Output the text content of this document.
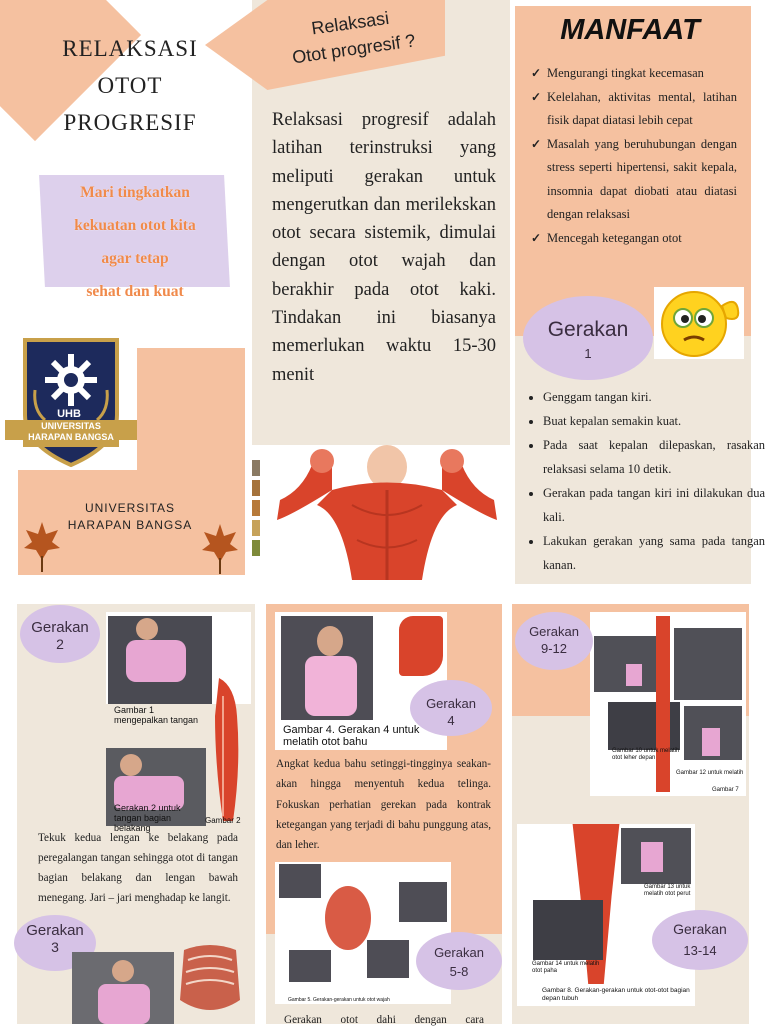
RELAKSASI
OTOT
PROGRESIF
Mari tingkatkan
kekuatan otot kita
agar tetap
sehat dan kuat
UHB
UNIVERSITAS
HARAPAN BANGSA
UNIVERSITAS
HARAPAN BANGSA
Relaksasi
Otot progresif ?
Relaksasi progresif adalah latihan terinstruksi yang meliputi gerakan untuk mengerutkan dan merilekskan otot secara sistemik, dimulai dengan otot wajah dan berakhir pada otot kaki. Tindakan ini biasanya memerlukan waktu 15-30 menit
MANFAAT
✓ Mengurangi tingkat kecemasan
✓ Kelelahan, aktivitas mental, latihan fisik dapat diatasi lebih cepat
✓ Masalah yang beruhubungan dengan stress seperti hipertensi, sakit kepala, insomnia dapat diobati atau diatasi dengan relaksasi
✓ Mencegah ketegangan otot
Gerakan
1
• Genggam tangan kiri.
• Buat kepalan semakin kuat.
• Pada saat kepalan dilepaskan, rasakan relaksasi selama 10 detik.
• Gerakan pada tangan kiri ini dilakukan dua kali.
• Lakukan gerakan yang sama pada tangan kanan.
Gerakan
2
Gambar 1 mengepalkan tangan
Gerakan 2 untuk tangan bagian belakang
Gambar 2
Tekuk kedua lengan ke belakang pada peregalangan tangan sehingga otot di tangan bagian belakang dan lengan bawah menegang. Jari – jari menghadap ke langit.
Gerakan
3
Gambar 4. Gerakan 4 untuk melatih otot bahu
Gerakan
4
Angkat kedua bahu setinggi-tingginya seakan-akan hingga menyentuh kedua telinga. Fokuskan perhatian gerekan pada kontrak ketegangan yang terjadi di bahu punggung atas, dan leher.
Gambar 5. Gerakan-gerakan untuk otot wajah
Gerakan
5-8
Gerakan otot dahi dengan cara
Gambar 10 untuk melatih otot leher depan
Gambar 12 untuk melatih
Gambar 7
Gerakan
9-12
Gambar 13 untuk melatih otot perut
Gambar 14 untuk melatih otot paha
Gambar 8. Gerakan-gerakan untuk otot-otot bagian depan tubuh
Gerakan
13-14
